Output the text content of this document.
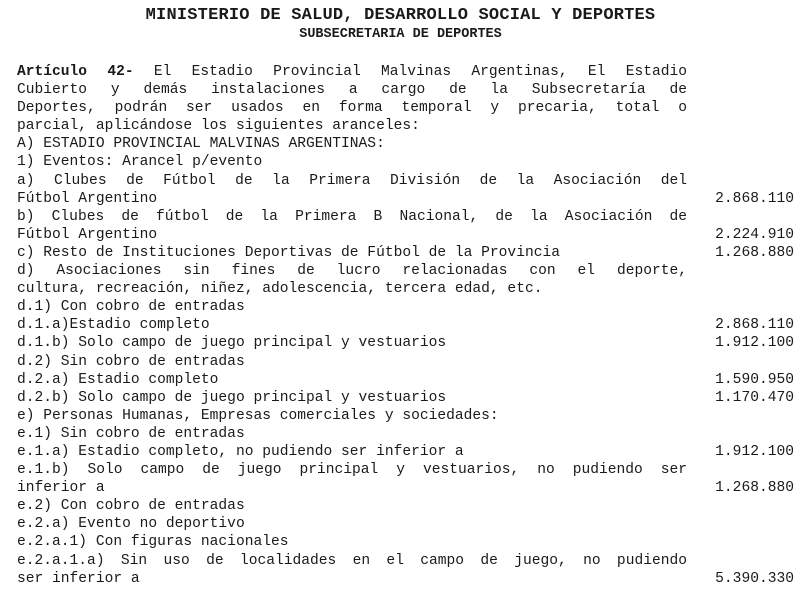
MINISTERIO DE SALUD, DESARROLLO SOCIAL Y DEPORTES
SUBSECRETARIA DE DEPORTES
Artículo 42- El Estadio Provincial Malvinas Argentinas, El Estadio
Cubierto y demás instalaciones a cargo de la Subsecretaría de
Deportes, podrán ser usados en forma temporal y precaria, total o
parcial, aplicándose los siguientes aranceles:
A) ESTADIO PROVINCIAL MALVINAS ARGENTINAS:
1) Eventos: Arancel p/evento
a) Clubes de Fútbol de la Primera División de la Asociación del
Fútbol Argentino	2.868.110
b) Clubes de fútbol de la Primera B Nacional, de la Asociación de
Fútbol Argentino	2.224.910
c) Resto de Instituciones Deportivas de Fútbol de la Provincia	1.268.880
d) Asociaciones sin fines de lucro relacionadas con el deporte,
cultura, recreación, niñez, adolescencia, tercera edad, etc.
d.1) Con cobro de entradas
d.1.a)Estadio completo	2.868.110
d.1.b) Solo campo de juego principal y vestuarios	1.912.100
d.2) Sin cobro de entradas
d.2.a) Estadio completo	1.590.950
d.2.b) Solo campo de juego principal y vestuarios	1.170.470
e) Personas Humanas, Empresas comerciales y sociedades:
e.1) Sin cobro de entradas
e.1.a) Estadio completo, no pudiendo ser inferior a	1.912.100
e.1.b) Solo campo de juego principal y vestuarios, no pudiendo ser
inferior a	1.268.880
e.2) Con cobro de entradas
e.2.a) Evento no deportivo
e.2.a.1) Con figuras nacionales
e.2.a.1.a) Sin uso de localidades en el campo de juego, no pudiendo
ser inferior a	5.390.330
